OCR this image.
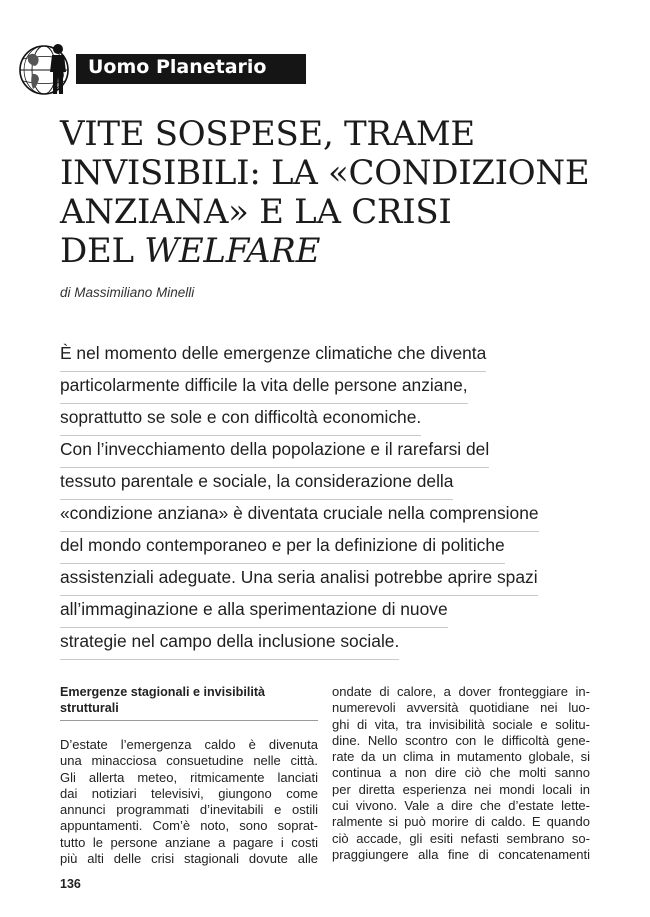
Uomo Planetario
VITE SOSPESE, TRAME
INVISIBILI: LA «CONDIZIONE
ANZIANA» E LA CRISI
DEL WELFARE
di Massimiliano Minelli
È nel momento delle emergenze climatiche che diventa
particolarmente difficile la vita delle persone anziane,
soprattutto se sole e con difficoltà economiche.
Con l’invecchiamento della popolazione e il rarefarsi del
tessuto parentale e sociale, la considerazione della
«condizione anziana» è diventata cruciale nella comprensione
del mondo contemporaneo e per la definizione di politiche
assistenziali adeguate. Una seria analisi potrebbe aprire spazi
all’immaginazione e alla sperimentazione di nuove
strategie nel campo della inclusione sociale.
Emergenze stagionali e invisibilità
strutturali
D’estate l’emergenza caldo è divenuta
una minacciosa consuetudine nelle città.
Gli allerta meteo, ritmicamente lanciati
dai notiziari televisivi, giungono come
annunci programmati d’inevitabili e ostili
appuntamenti. Com’è noto, sono soprat-
tutto le persone anziane a pagare i costi
più alti delle crisi stagionali dovute alle
ondate di calore, a dover fronteggiare in-
numerevoli avversità quotidiane nei luo-
ghi di vita, tra invisibilità sociale e solitu-
dine. Nello scontro con le difficoltà gene-
rate da un clima in mutamento globale, si
continua a non dire ciò che molti sanno
per diretta esperienza nei mondi locali in
cui vivono. Vale a dire che d’estate lette-
ralmente si può morire di caldo. E quando
ciò accade, gli esiti nefasti sembrano so-
praggiungere alla fine di concatenamenti
136
